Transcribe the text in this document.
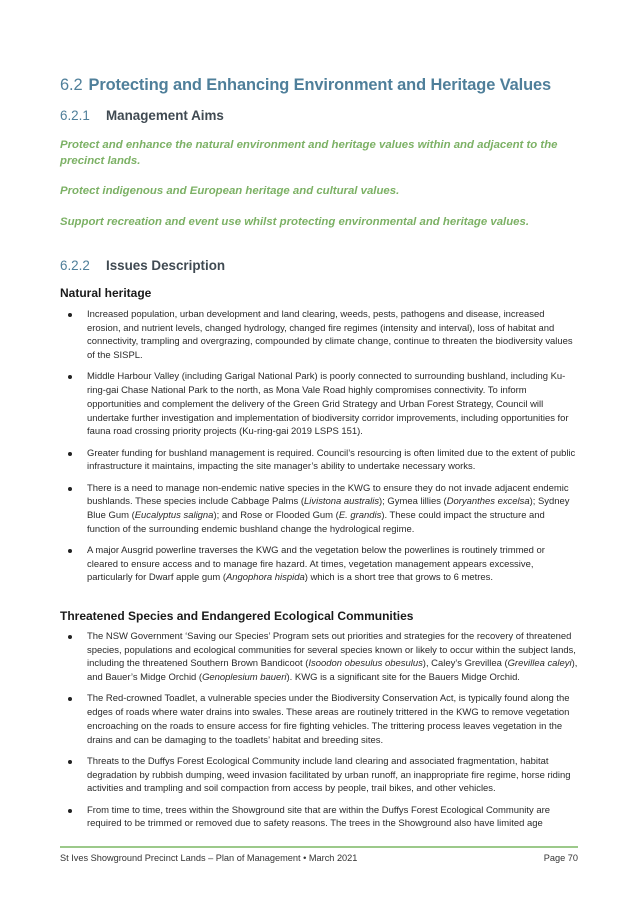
6.2 Protecting and Enhancing Environment and Heritage Values
6.2.1 Management Aims

Protect and enhance the natural environment and heritage values within and adjacent to the precinct lands.

Protect indigenous and European heritage and cultural values.

Support recreation and event use whilst protecting environmental and heritage values.

6.2.2 Issues Description
Natural heritage
Increased population, urban development and land clearing, weeds, pests, pathogens and disease, increased erosion, and nutrient levels, changed hydrology, changed fire regimes (intensity and interval), loss of habitat and connectivity, trampling and overgrazing, compounded by climate change, continue to threaten the biodiversity values of the SISPL.
Middle Harbour Valley (including Garigal National Park) is poorly connected to surrounding bushland, including Ku-ring-gai Chase National Park to the north, as Mona Vale Road highly compromises connectivity. To inform opportunities and complement the delivery of the Green Grid Strategy and Urban Forest Strategy, Council will undertake further investigation and implementation of biodiversity corridor improvements, including opportunities for fauna road crossing priority projects (Ku-ring-gai 2019 LSPS 151).
Greater funding for bushland management is required. Council’s resourcing is often limited due to the extent of public infrastructure it maintains, impacting the site manager’s ability to undertake necessary works.
There is a need to manage non-endemic native species in the KWG to ensure they do not invade adjacent endemic bushlands. These species include Cabbage Palms (Livistona australis); Gymea lillies (Doryanthes excelsa); Sydney Blue Gum (Eucalyptus saligna); and Rose or Flooded Gum (E. grandis). These could impact the structure and function of the surrounding endemic bushland change the hydrological regime.
A major Ausgrid powerline traverses the KWG and the vegetation below the powerlines is routinely trimmed or cleared to ensure access and to manage fire hazard. At times, vegetation management appears excessive, particularly for Dwarf apple gum (Angophora hispida) which is a short tree that grows to 6 metres.
Threatened Species and Endangered Ecological Communities
The NSW Government ‘Saving our Species’ Program sets out priorities and strategies for the recovery of threatened species, populations and ecological communities for several species known or likely to occur within the subject lands, including the threatened Southern Brown Bandicoot (Isoodon obesulus obesulus), Caley’s Grevillea (Grevillea caleyi), and Bauer’s Midge Orchid (Genoplesium baueri). KWG is a significant site for the Bauers Midge Orchid.
The Red-crowned Toadlet, a vulnerable species under the Biodiversity Conservation Act, is typically found along the edges of roads where water drains into swales. These areas are routinely trittered in the KWG to remove vegetation encroaching on the roads to ensure access for fire fighting vehicles. The trittering process leaves vegetation in the drains and can be damaging to the toadlets’ habitat and breeding sites.
Threats to the Duffys Forest Ecological Community include land clearing and associated fragmentation, habitat degradation by rubbish dumping, weed invasion facilitated by urban runoff, an inappropriate fire regime, horse riding activities and trampling and soil compaction from access by people, trail bikes, and other vehicles.
From time to time, trees within the Showground site that are within the Duffys Forest Ecological Community are required to be trimmed or removed due to safety reasons. The trees in the Showground also have limited age
St Ives Showground Precinct Lands – Plan of Management • March 2021	Page 70
